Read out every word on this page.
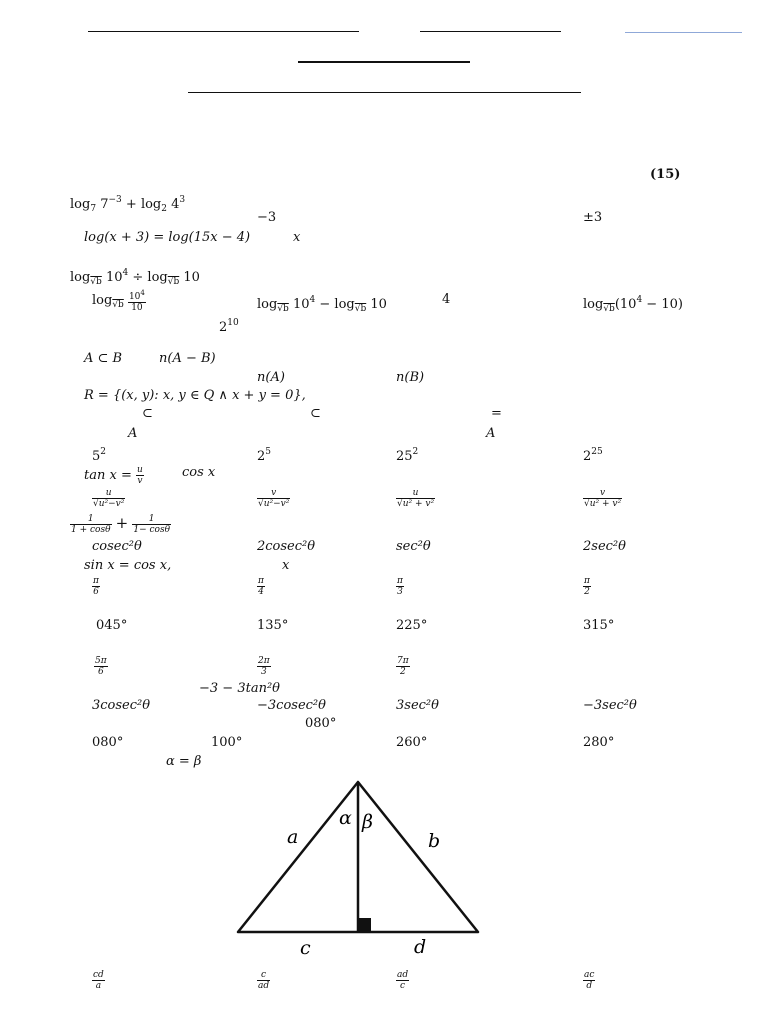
(15)
$\log_7 7^{-3} + \log_2 4^3$
−3	±3
log(x + 3) = log(15x − 4)	x
$\log_{√b} 10^4 \div \log_{√b} 10$
$\log_{√b} \frac{10^4}{10}$	$\log_{√b} 10^4 - \log_{√b} 10$	4	$\log_{√b}(10^4 - 10)$
$2^{10}$
A ⊂ B	n(A − B)
n(A)	n(B)
R = {(x, y): x, y ∈ Q ∧ x + y = 0},
⊂	⊂	=
A	A
$5^2$	$2^5$	$25^2$	$2^{25}$
$\tan x = \frac{u}{v}$	cos x
$\frac{u}{\text{√u²−v²}}$	$\frac{v}{\text{√u²−v²}}$	$\frac{u}{\text{√u² + v²}}$	$\frac{v}{\text{√u² + v²}}$
$\frac{1}{1 + \cos\theta} + \frac{1}{1- \cos\theta}$
cosec²θ	2cosec²θ	sec²θ	2sec²θ
sin x = cos x,	x
$\frac{\pi}{6}$	$\frac{\pi}{4}$	$\frac{\pi}{3}$	$\frac{\pi}{2}$
045°	135°	225°	315°
$\frac{5\pi}{6}$	$\frac{2\pi}{3}$	$\frac{7\pi}{2}$
−3 − 3tan²θ
3cosec²θ	−3cosec²θ	3sec²θ	−3sec²θ
080°
080°	100°	260°	280°
α = β
α β
a	b
c	d
$\frac{cd}{a}$	$\frac{c}{ad}$	$\frac{ad}{c}$	$\frac{ac}{d}$
